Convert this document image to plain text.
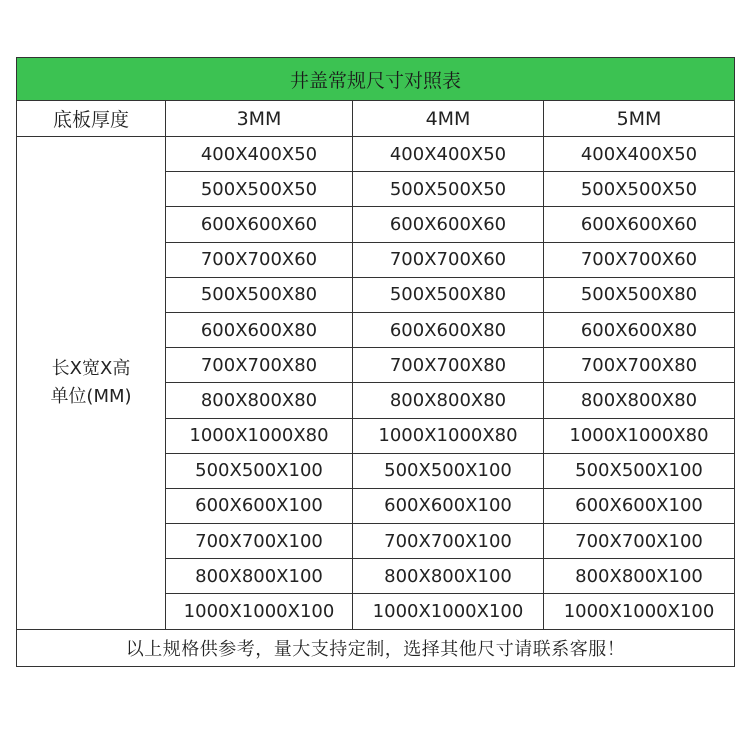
井盖常规尺寸对照表			
底板厚度	3MM	4MM	5MM

长X宽X高
单位(MM)	400X400X50	400X400X50	400X400X50
	500X500X50	500X500X50	500X500X50
	600X600X60	600X600X60	600X600X60
	700X700X60	700X700X60	700X700X60
	500X500X80	500X500X80	500X500X80
	600X600X80	600X600X80	600X600X80
	700X700X80	700X700X80	700X700X80
	800X800X80	800X800X80	800X800X80
	1000X1000X80	1000X1000X80	1000X1000X80
	500X500X100	500X500X100	500X500X100
	600X600X100	600X600X100	600X600X100
	700X700X100	700X700X100	700X700X100
	800X800X100	800X800X100	800X800X100
	1000X1000X100	1000X1000X100	1000X1000X100
以上规格供参考，量大支持定制，选择其他尺寸请联系客服！			
